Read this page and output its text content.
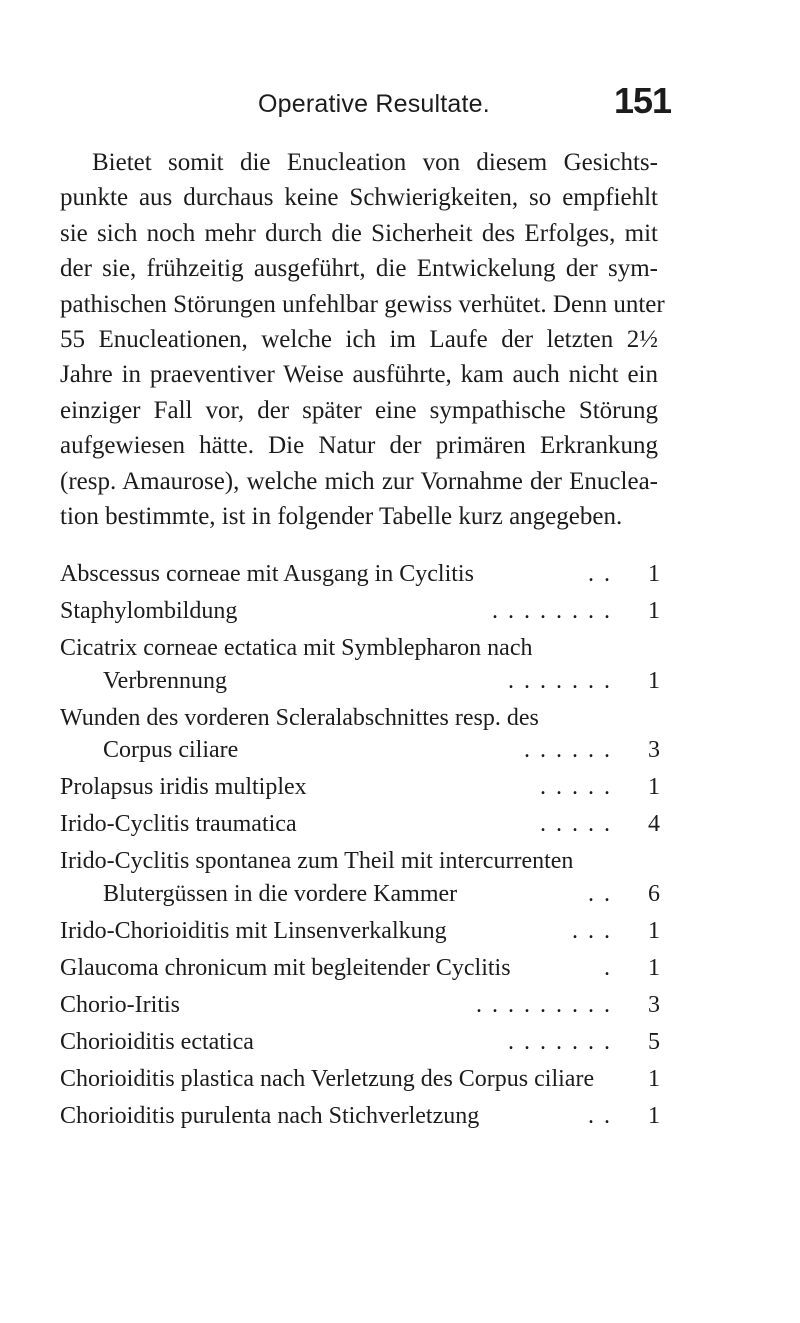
Operative Resultate.	151
Bietet somit die Enucleation von diesem Gesichts-
punkte aus durchaus keine Schwierigkeiten, so empfiehlt
sie sich noch mehr durch die Sicherheit des Erfolges, mit
der sie, frühzeitig ausgeführt, die Entwickelung der sym-
pathischen Störungen unfehlbar gewiss verhütet. Denn unter
55 Enucleationen, welche ich im Laufe der letzten 2½
Jahre in praeventiver Weise ausführte, kam auch nicht ein
einziger Fall vor, der später eine sympathische Störung
aufgewiesen hätte. Die Natur der primären Erkrankung
(resp. Amaurose), welche mich zur Vornahme der Enuclea-
tion bestimmte, ist in folgender Tabelle kurz angegeben.
Abscessus corneae mit Ausgang in Cyclitis	. .	1
Staphylombildung	. . . . . . . .	1
Cicatrix corneae ectatica mit Symblepharon nach
Verbrennung	. . . . . . .	1
Wunden des vorderen Scleralabschnittes resp. des
Corpus ciliare	. . . . . .	3
Prolapsus iridis multiplex	. . . . .	1
Irido-Cyclitis traumatica	. . . . .	4
Irido-Cyclitis spontanea zum Theil mit intercurrenten
Blutergüssen in die vordere Kammer	. .	6
Irido-Chorioiditis mit Linsenverkalkung	. . .	1
Glaucoma chronicum mit begleitender Cyclitis	.	1
Chorio-Iritis	. . . . . . . . .	3
Chorioiditis ectatica	. . . . . . .	5
Chorioiditis plastica nach Verletzung des Corpus ciliare	1
Chorioiditis purulenta nach Stichverletzung	. .	1
